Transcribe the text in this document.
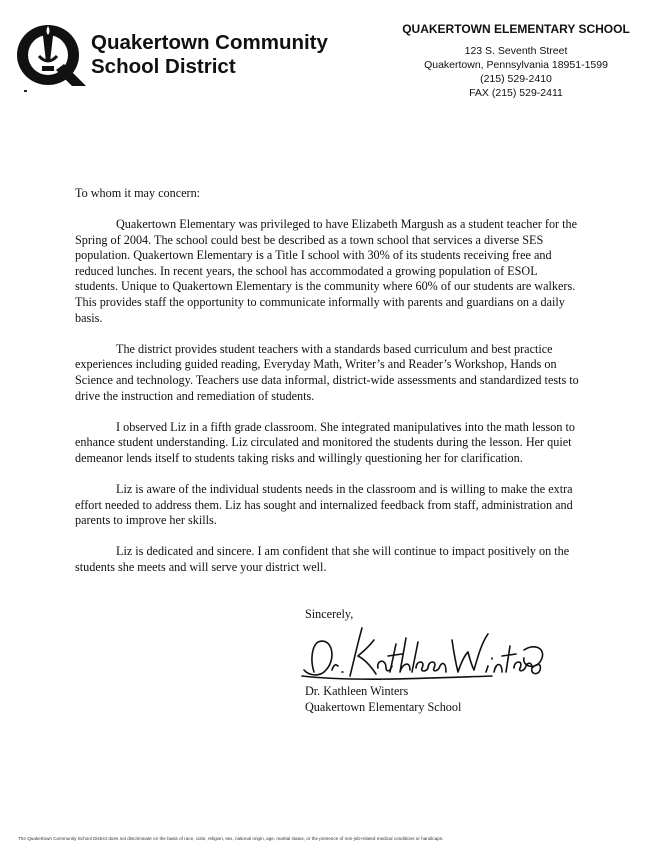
Quakertown Community
School District
QUAKERTOWN ELEMENTARY SCHOOL
123 S. Seventh Street
Quakertown, Pennsylvania 18951-1599
(215) 529-2410
FAX (215) 529-2411

To whom it may concern:

Quakertown Elementary was privileged to have Elizabeth Margush as a student teacher for the Spring of 2004. The school could best be described as a town school that services a diverse SES population. Quakertown Elementary is a Title I school with 30% of its students receiving free and reduced lunches. In recent years, the school has accommodated a growing population of ESOL students. Unique to Quakertown Elementary is the community where 60% of our students are walkers. This provides staff the opportunity to communicate informally with parents and guardians on a daily basis.

The district provides student teachers with a standards based curriculum and best practice experiences including guided reading, Everyday Math, Writer’s and Reader’s Workshop, Hands on Science and technology. Teachers use data informal, district-wide assessments and standardized tests to drive the instruction and remediation of students.

I observed Liz in a fifth grade classroom. She integrated manipulatives into the math lesson to enhance student understanding. Liz circulated and monitored the students during the lesson. Her quiet demeanor lends itself to students taking risks and willingly questioning her for clarification.

Liz is aware of the individual students needs in the classroom and is willing to make the extra effort needed to address them. Liz has sought and internalized feedback from staff, administration and parents to improve her skills.

Liz is dedicated and sincere. I am confident that she will continue to impact positively on the students she meets and will serve your district well.

Sincerely,
Dr. Kathleen Winters
Quakertown Elementary School
The Quakertown Community School District does not discriminate on the basis of race, color, religion, sex, national origin, age, marital status, or the presence of non-job-related medical conditions or handicaps.
